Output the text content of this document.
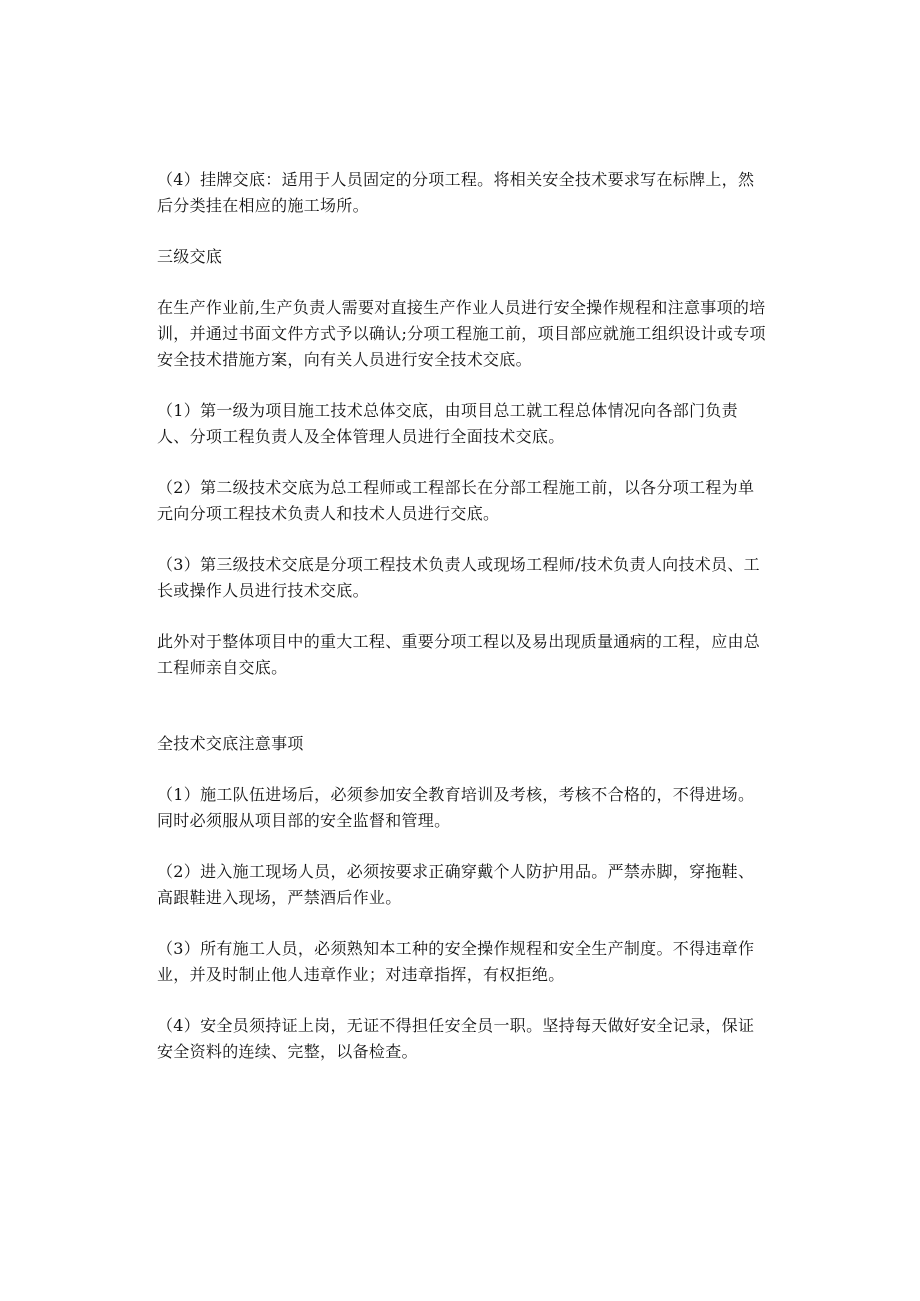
（4）挂牌交底：适用于人员固定的分项工程。将相关安全技术要求写在标牌上，然后分类挂在相应的施工场所。

三级交底

在生产作业前,生产负责人需要对直接生产作业人员进行安全操作规程和注意事项的培训，并通过书面文件方式予以确认;分项工程施工前，项目部应就施工组织设计或专项安全技术措施方案，向有关人员进行安全技术交底。

（1）第一级为项目施工技术总体交底，由项目总工就工程总体情况向各部门负责人、分项工程负责人及全体管理人员进行全面技术交底。

（2）第二级技术交底为总工程师或工程部长在分部工程施工前，以各分项工程为单元向分项工程技术负责人和技术人员进行交底。

（3）第三级技术交底是分项工程技术负责人或现场工程师/技术负责人向技术员、工长或操作人员进行技术交底。

此外对于整体项目中的重大工程、重要分项工程以及易出现质量通病的工程，应由总工程师亲自交底。

全技术交底注意事项

（1）施工队伍进场后，必须参加安全教育培训及考核，考核不合格的，不得进场。同时必须服从项目部的安全监督和管理。

（2）进入施工现场人员，必须按要求正确穿戴个人防护用品。严禁赤脚，穿拖鞋、高跟鞋进入现场，严禁酒后作业。

（3）所有施工人员，必须熟知本工种的安全操作规程和安全生产制度。不得违章作业，并及时制止他人违章作业；对违章指挥，有权拒绝。

（4）安全员须持证上岗，无证不得担任安全员一职。坚持每天做好安全记录，保证安全资料的连续、完整，以备检查。
